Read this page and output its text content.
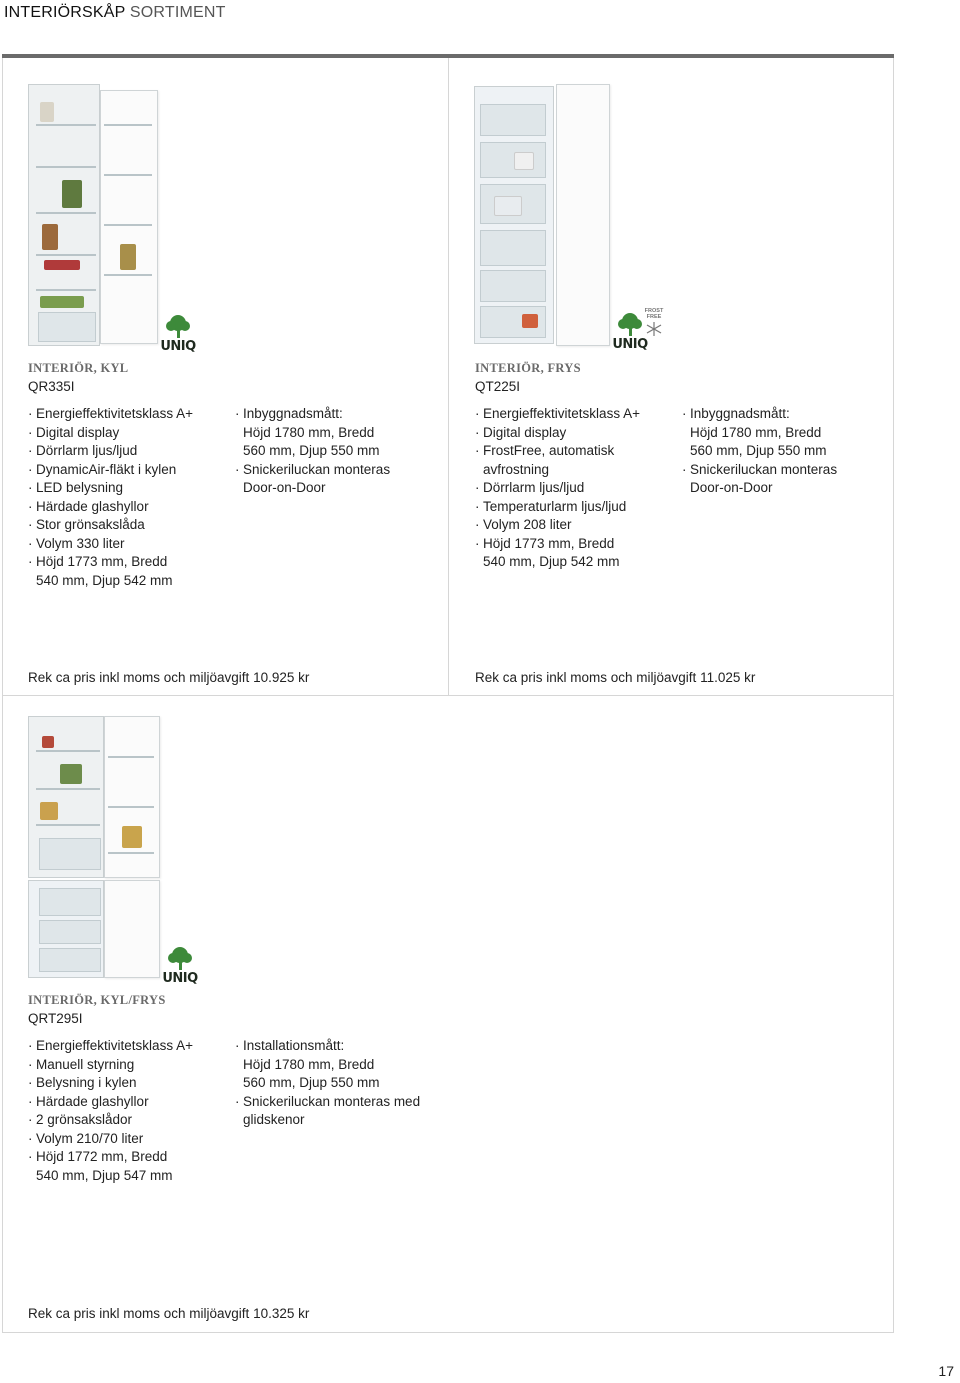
INTERIÖRSKÅP SORTIMENT
UNIQ
INTERIÖR, KYL
QR335I
· Energieffektivitetsklass A+
· Digital display
· Dörrlarm ljus/ljud
· DynamicAir-fläkt i kylen
· LED belysning
· Härdade glashyllor
· Stor grönsakslåda
· Volym 330 liter
· Höjd 1773 mm, Bredd
540 mm, Djup 542 mm
· Inbyggnadsmått:
Höjd 1780 mm, Bredd
560 mm, Djup 550 mm
· Snickeriluckan monteras
Door-on-Door
Rek ca pris inkl moms och miljöavgift 10.925 kr
UNIQ
FROST FREE
INTERIÖR, FRYS
QT225I
· Energieffektivitetsklass A+
· Digital display
· FrostFree, automatisk
avfrostning
· Dörrlarm ljus/ljud
· Temperaturlarm ljus/ljud
· Volym 208 liter
· Höjd 1773 mm, Bredd
540 mm, Djup 542 mm
· Inbyggnadsmått:
Höjd 1780 mm, Bredd
560 mm, Djup 550 mm
· Snickeriluckan monteras
Door-on-Door
Rek ca pris inkl moms och miljöavgift 11.025 kr
UNIQ
INTERIÖR, KYL/FRYS
QRT295I
· Energieffektivitetsklass A+
· Manuell styrning
· Belysning i kylen
· Härdade glashyllor
· 2 grönsakslådor
· Volym 210/70 liter
· Höjd 1772 mm, Bredd
540 mm, Djup 547 mm
· Installationsmått:
Höjd 1780 mm, Bredd
560 mm, Djup 550 mm
· Snickeriluckan monteras med
glidskenor
Rek ca pris inkl moms och miljöavgift 10.325 kr
17
